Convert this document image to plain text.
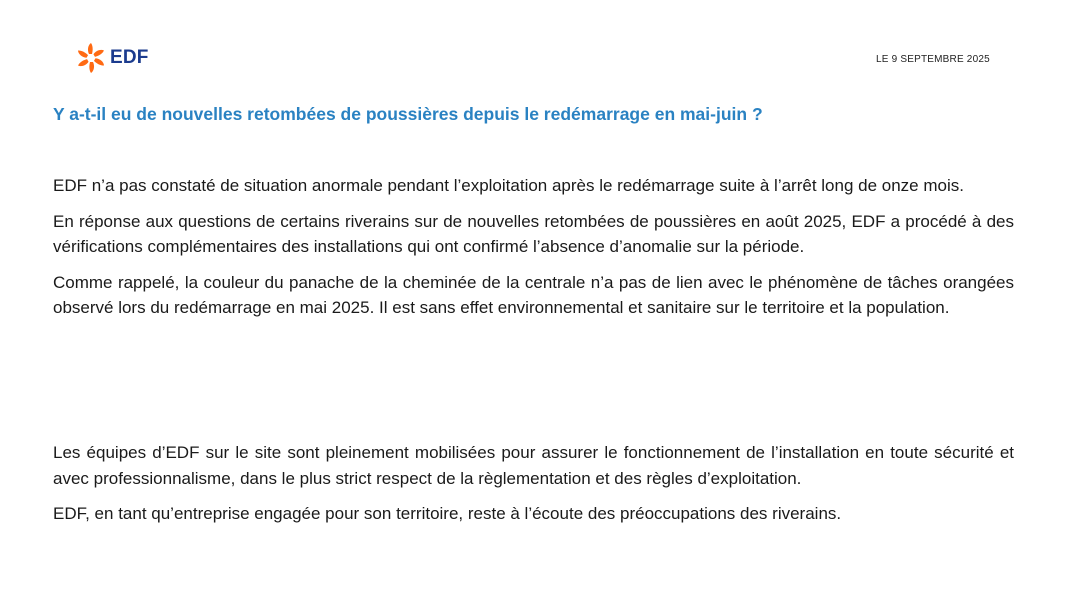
EDF	LE 9 SEPTEMBRE 2025
Y a-t-il eu de nouvelles retombées de poussières depuis le redémarrage en mai-juin ?

EDF n’a pas constaté de situation anormale pendant l’exploitation après le redémarrage suite à l’arrêt long de onze mois.

En réponse aux questions de certains riverains sur de nouvelles retombées de poussières en août 2025, EDF a procédé à des vérifications complémentaires des installations qui ont confirmé l’absence d’anomalie sur la période.

Comme rappelé, la couleur du panache de la cheminée de la centrale n’a pas de lien avec le phénomène de tâches orangées observé lors du redémarrage en mai 2025. Il est sans effet environnemental et sanitaire sur le territoire et la population.

Les équipes d’EDF sur le site sont pleinement mobilisées pour assurer le fonctionnement de l’installation en toute sécurité et avec professionnalisme, dans le plus strict respect de la règlementation et des règles d’exploitation.

EDF, en tant qu’entreprise engagée pour son territoire, reste à l’écoute des préoccupations des riverains.
